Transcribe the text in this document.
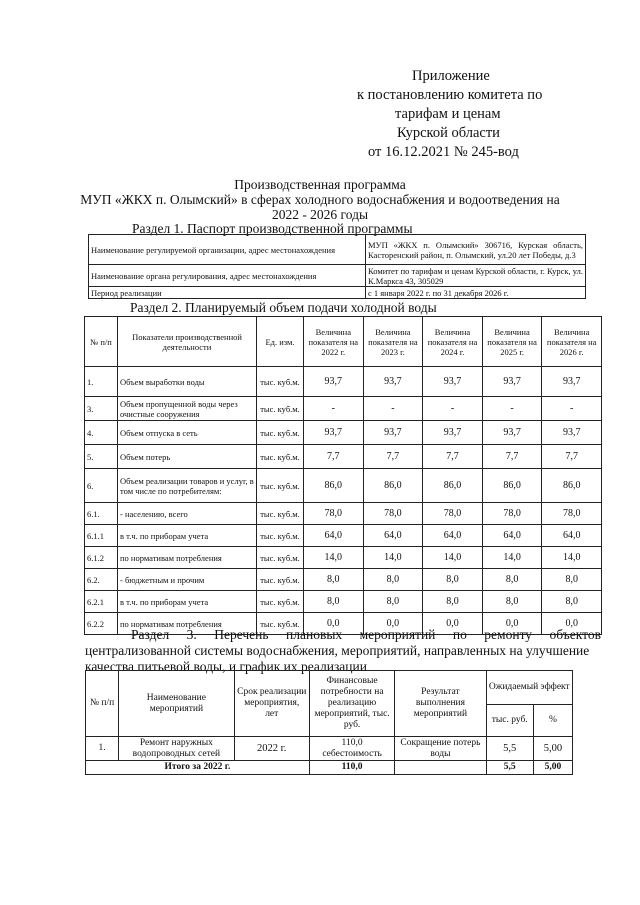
Приложение
к постановлению комитета по
тарифам и ценам
Курской области
от 16.12.2021 № 245-вод
Производственная программа
МУП «ЖКХ п. Олымский» в сферах холодного водоснабжения и водоотведения на
2022 - 2026 годы
Раздел 1. Паспорт производственной программы
Наименование регулируемой организации, адрес местонахождения	МУП «ЖКХ п. Олымский» 306716, Курская область, Касторенский район, п. Олымский, ул.20 лет Победы, д.3
Наименование органа регулирования, адрес местонахождения	Комитет по тарифам и ценам Курской области, г. Курск, ул. К.Маркса 43, 305029
Период реализации	с 1 января 2022 г. по 31 декабря 2026 г.
Раздел 2. Планируемый объем подачи холодной воды
№ п/п	Показатели производственной деятельности	Ед. изм.	Величина показателя на 2022 г.	Величина показателя на 2023 г.	Величина показателя на 2024 г.	Величина показателя на 2025 г.	Величина показателя на 2026 г.
1.	Объем выработки воды	тыс. куб.м.	93,7	93,7	93,7	93,7	93,7
3.	Объем пропущенной воды через очистные сооружения	тыс. куб.м.	-	-	-	-	-
4.	Объем отпуска в сеть	тыс. куб.м.	93,7	93,7	93,7	93,7	93,7
5.	Объем потерь	тыс. куб.м.	7,7	7,7	7,7	7,7	7,7
6.	Объем реализации товаров и услуг, в том числе по потребителям:	тыс. куб.м.	86,0	86,0	86,0	86,0	86,0
6.1.	- населению, всего	тыс. куб.м.	78,0	78,0	78,0	78,0	78,0
6.1.1	в т.ч. по приборам учета	тыс. куб.м.	64,0	64,0	64,0	64,0	64,0
6.1.2	по нормативам потребления	тыс. куб.м.	14,0	14,0	14,0	14,0	14,0
6.2.	- бюджетным и прочим	тыс. куб.м.	8,0	8,0	8,0	8,0	8,0
6.2.1	в т.ч. по приборам учета	тыс. куб.м.	8,0	8,0	8,0	8,0	8,0
6.2.2	по нормативам потребления	тыс. куб.м.	0,0	0,0	0,0	0,0	0,0
Раздел 3. Перечень плановых мероприятий по ремонту объектов
централизованной системы водоснабжения, мероприятий, направленных на улучшение
качества питьевой воды, и график их реализации
№ п/п	Наименование мероприятий	Срок реализации мероприятия, лет	Финансовые потребности на реализацию мероприятий, тыс. руб.	Результат выполнения мероприятий	Ожидаемый эффект	
					тыс. руб.	%
1.	Ремонт наружных водопроводных сетей	2022 г.	110,0 себестоимость	Сокращение потерь воды	5,5	5,00
Итого за 2022 г.			110,0		5,5	5,00
